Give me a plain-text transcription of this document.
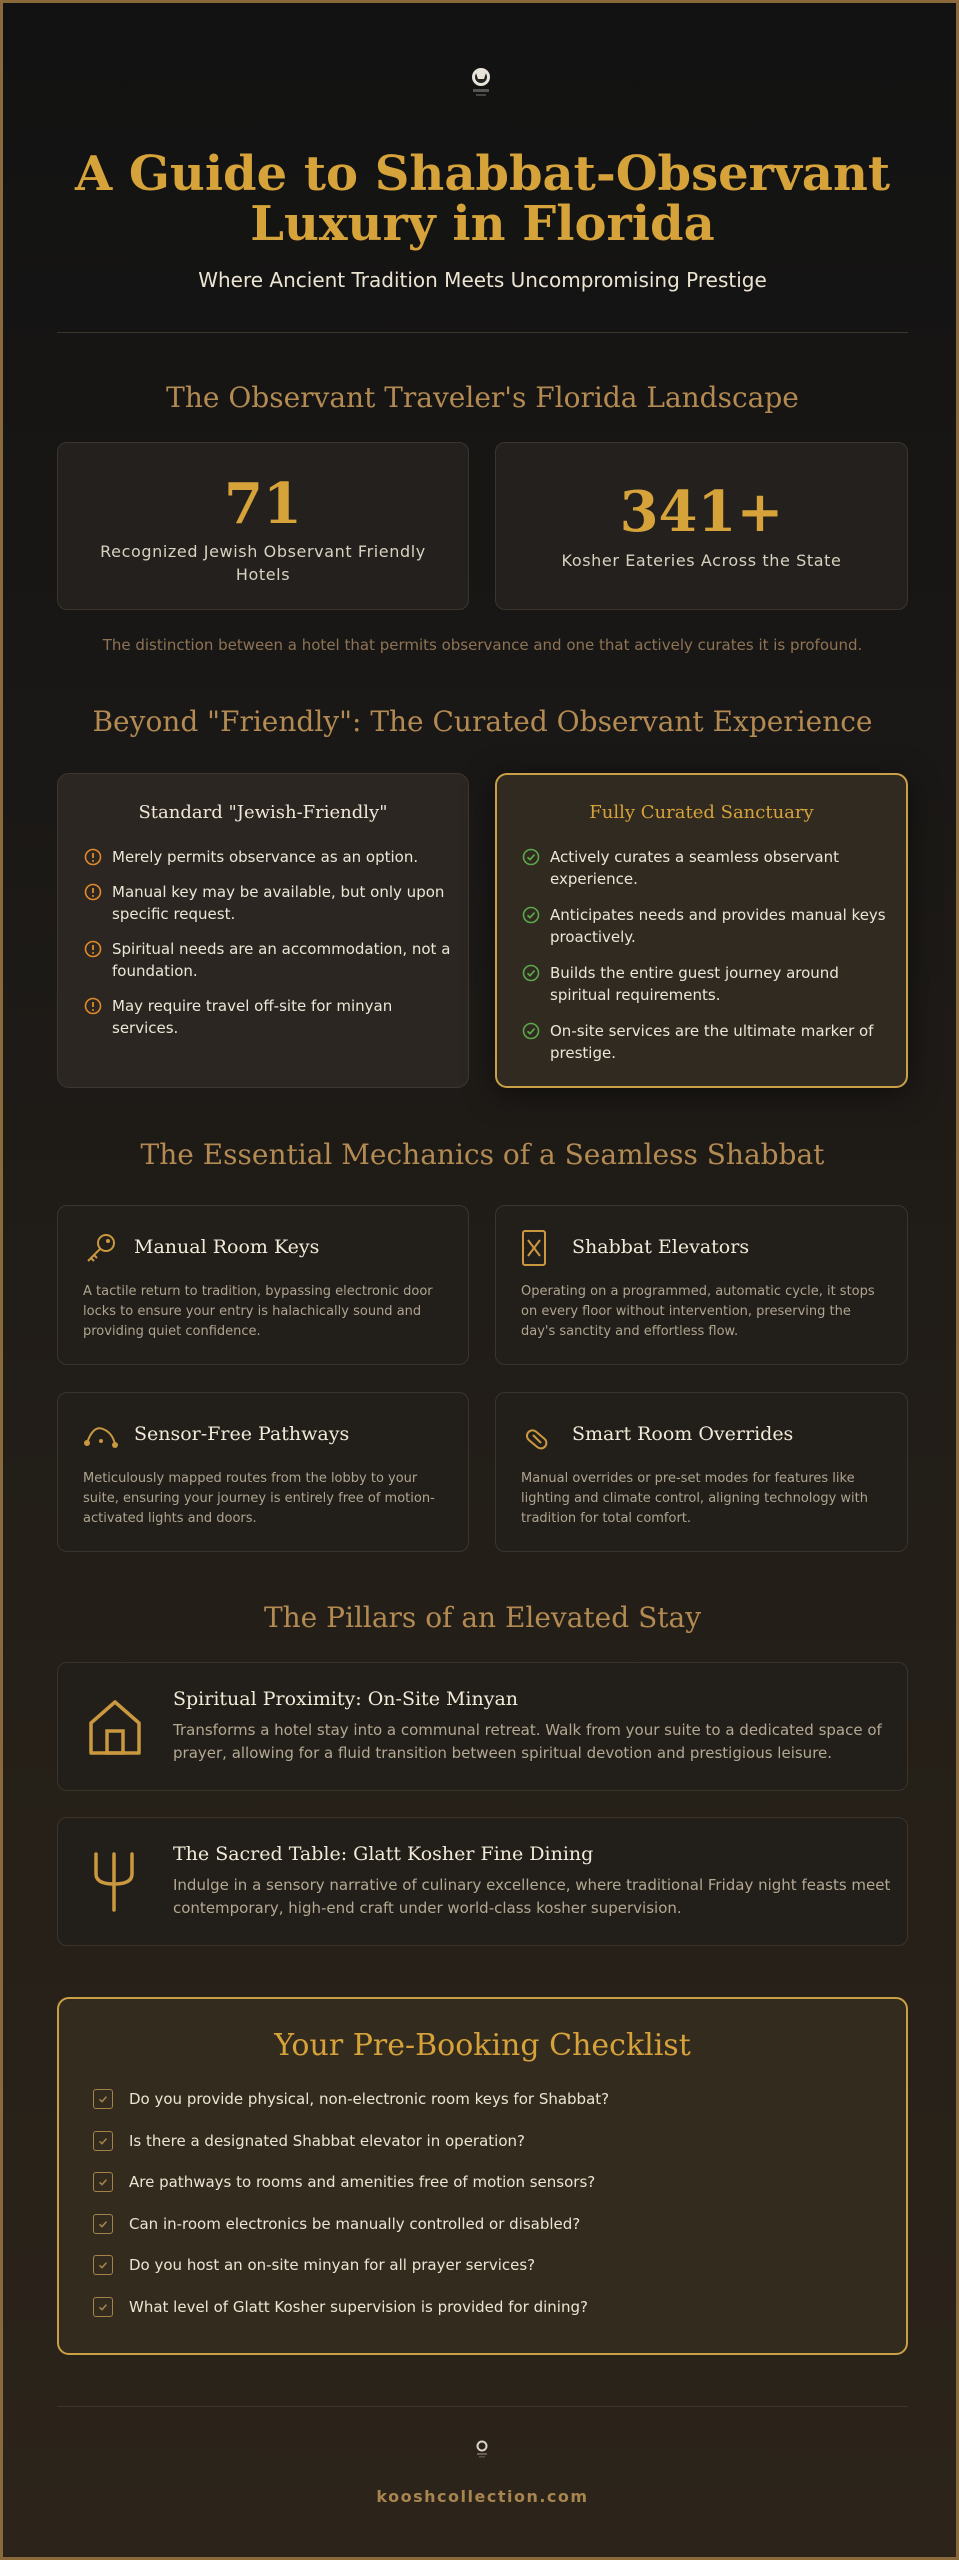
A Guide to Shabbat-Observant
Luxury in Florida
Where Ancient Tradition Meets Uncompromising Prestige
The Observant Traveler's Florida Landscape
71
Recognized Jewish Observant Friendly
Hotels
341+
Kosher Eateries Across the State
The distinction between a hotel that permits observance and one that actively curates it is profound.
Beyond "Friendly": The Curated Observant Experience
Standard "Jewish-Friendly"
Merely permits observance as an option.
Manual key may be available, but only upon
specific request.
Spiritual needs are an accommodation, not a
foundation.
May require travel off-site for minyan
services.
Fully Curated Sanctuary
Actively curates a seamless observant
experience.
Anticipates needs and provides manual keys
proactively.
Builds the entire guest journey around
spiritual requirements.
On-site services are the ultimate marker of
prestige.
The Essential Mechanics of a Seamless Shabbat
Manual Room Keys
A tactile return to tradition, bypassing electronic door
locks to ensure your entry is halachically sound and
providing quiet confidence.
Shabbat Elevators
Operating on a programmed, automatic cycle, it stops
on every floor without intervention, preserving the
day's sanctity and effortless flow.
Sensor-Free Pathways
Meticulously mapped routes from the lobby to your
suite, ensuring your journey is entirely free of motion-
activated lights and doors.
Smart Room Overrides
Manual overrides or pre-set modes for features like
lighting and climate control, aligning technology with
tradition for total comfort.
The Pillars of an Elevated Stay
Spiritual Proximity: On-Site Minyan
Transforms a hotel stay into a communal retreat. Walk from your suite to a dedicated space of
prayer, allowing for a fluid transition between spiritual devotion and prestigious leisure.
The Sacred Table: Glatt Kosher Fine Dining
Indulge in a sensory narrative of culinary excellence, where traditional Friday night feasts meet
contemporary, high-end craft under world-class kosher supervision.
Your Pre-Booking Checklist
Do you provide physical, non-electronic room keys for Shabbat?
Is there a designated Shabbat elevator in operation?
Are pathways to rooms and amenities free of motion sensors?
Can in-room electronics be manually controlled or disabled?
Do you host an on-site minyan for all prayer services?
What level of Glatt Kosher supervision is provided for dining?
kooshcollection.com
